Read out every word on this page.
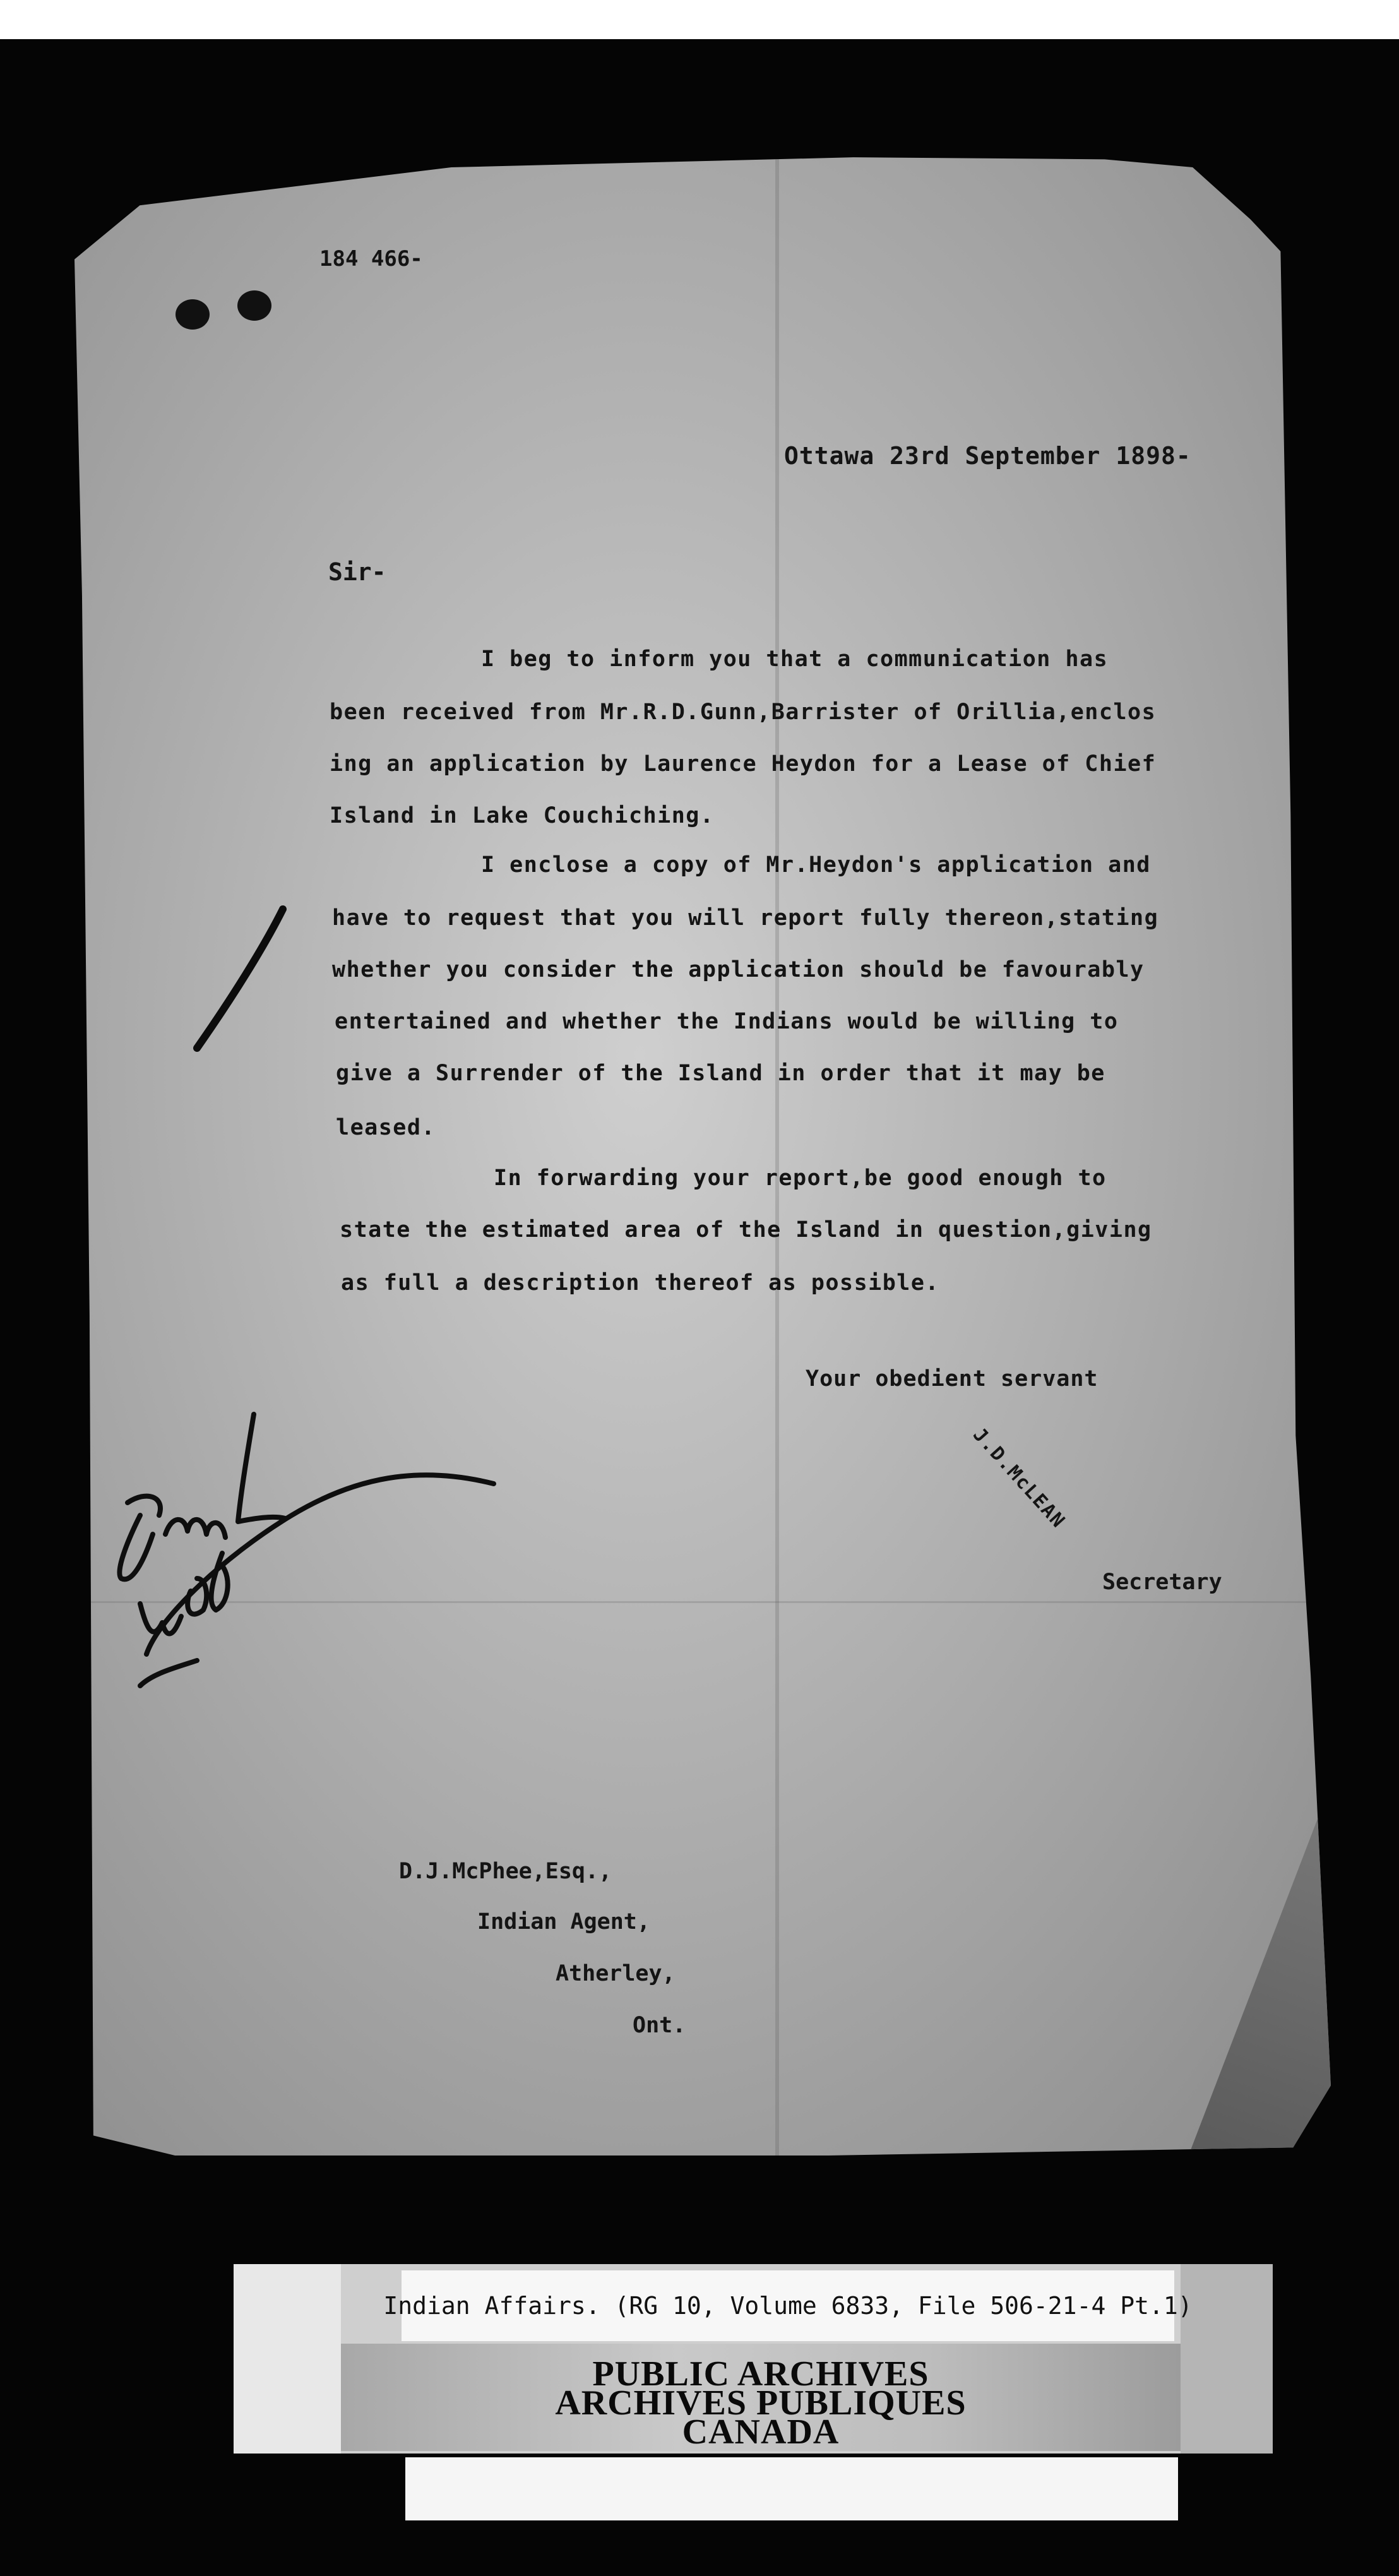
184 466-
Ottawa 23rd September 1898-
Sir-
I beg to inform you that a communication has
been received from Mr.R.D.Gunn,Barrister of Orillia,enclos
ing an application by Laurence Heydon for a Lease of Chief
Island in Lake Couchiching.
I enclose a copy of Mr.Heydon's application and
have to request that you will report fully thereon,stating
whether you consider the application should be favourably
entertained and whether the Indians would be willing to
give a Surrender of the Island in order that it may be
leased.
In forwarding your report,be good enough to
state the estimated area of the Island in question,giving
as full a description thereof as possible.
Your obedient servant
J.D.McLEAN
Secretary
D.J.McPhee,Esq.,
Indian Agent,
Atherley,
Ont.
Indian Affairs. (RG 10, Volume 6833, File 506-21-4 Pt.1)
PUBLIC ARCHIVES
ARCHIVES PUBLIQUES
CANADA
